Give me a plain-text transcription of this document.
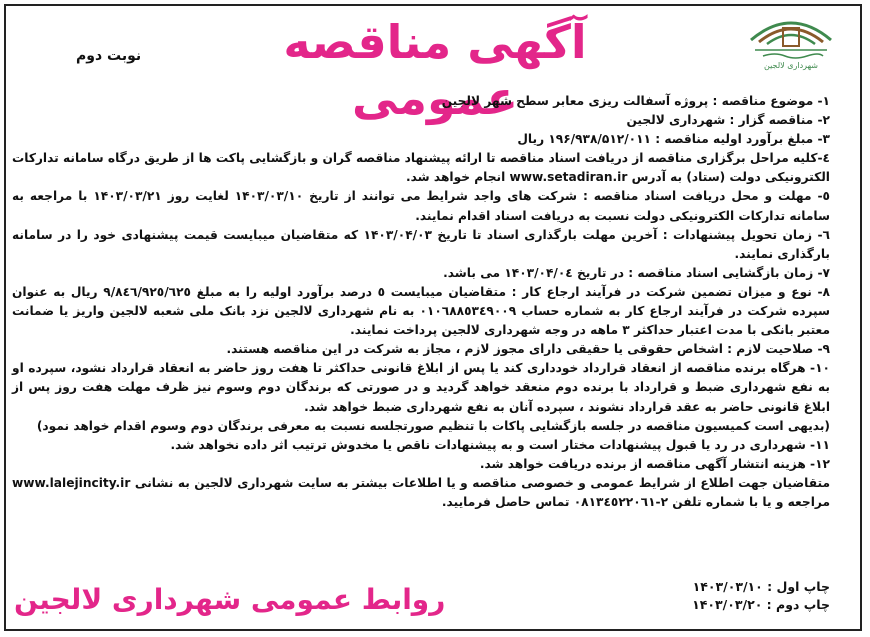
شهرداری لالجین
آگهی مناقصه عمومی
نوبت دوم

۱- موضوع مناقصه : پروژه آسفالت ریزی معابر سطح شهر لالجین

۲- مناقصه گزار : شهرداری لالجین

۳- مبلغ برآورد اولیه مناقصه : ۱۹۶/۹۳۸/۵۱۲/۰۱۱ ریال

٤-کلیه مراحل برگزاری مناقصه از دریافت اسناد مناقصه تا ارائه پیشنهاد مناقصه گران و بازگشایی پاکت ها از طریق درگاه سامانه تدارکات الکترونیکی دولت (ستاد) به آدرس www.setadiran.ir انجام خواهد شد.

٥- مهلت و محل دریافت اسناد مناقصه : شرکت های واجد شرایط می توانند از تاریخ ۱۴۰۳/۰۳/۱۰ لغایت روز ۱۴۰۳/۰۳/۲۱ با مراجعه به سامانه تدارکات الکترونیکی دولت نسبت به دریافت اسناد اقدام نمایند.

٦- زمان تحویل پیشنهادات : آخرین مهلت بارگذاری اسناد تا تاریخ ۱۴۰۳/۰۴/۰۳ که متقاضیان میبایست قیمت پیشنهادی خود را در سامانه بارگذاری نمایند.

۷- زمان بازگشایی اسناد مناقصه : در تاریخ ۱۴۰۳/۰۴/۰٤ می باشد.

۸- نوع و میزان تضمین شرکت در فرآیند ارجاع کار : متقاضیان میبایست ٥ درصد برآورد اولیه را به مبلغ ۹/۸٤٦/۹۲٥/٦۲٥ ریال به عنوان سپرده شرکت در فرآیند ارجاع کار به شماره حساب ۰۱۰٦۸۸٥۳٤۹۰۰۹ به نام شهرداری لالجین نزد بانک ملی شعبه لالجین واریز یا ضمانت معتبر بانکی با مدت اعتبار حداکثر ۳ ماهه در وجه شهرداری لالجین پرداخت نمایند.

۹- صلاحیت لازم : اشخاص حقوقی یا حقیقی دارای مجوز لازم ، مجاز به شرکت در این مناقصه هستند.

۱۰- هرگاه برنده مناقصه از انعقاد قرارداد خودداری کند یا پس از ابلاغ قانونی حداکثر تا هفت روز حاضر به انعقاد قرارداد نشود، سپرده او به نفع شهرداری ضبط و قرارداد با برنده دوم منعقد خواهد گردید و در صورتی که برندگان دوم وسوم نیز ظرف مهلت هفت روز پس از ابلاغ قانونی حاضر به عقد قرارداد نشوند ، سپرده آنان به نفع شهرداری ضبط خواهد شد.

(بدیهی است کمیسیون مناقصه در جلسه بازگشایی پاکات با تنظیم صورتجلسه نسبت به معرفی برندگان دوم وسوم اقدام خواهد نمود)

۱۱- شهرداری در رد یا قبول پیشنهادات مختار است و به پیشنهادات ناقص یا مخدوش ترتیب اثر داده نخواهد شد.

۱۲- هزینه انتشار آگهی مناقصه از برنده دریافت خواهد شد.

متقاضیان جهت اطلاع از شرایط عمومی و خصوصی مناقصه و یا اطلاعات بیشتر به سایت شهرداری لالجین به نشانی www.lalejincity.ir مراجعه و یا با شماره تلفن ۲-۰۸۱۳٤٥۲۲۰٦۱ تماس حاصل فرمایید.

روابط عمومی شهرداری لالجین	چاپ اول : ۱۴۰۳/۰۳/۱۰
چاپ دوم : ۱۴۰۳/۰۳/۲۰
